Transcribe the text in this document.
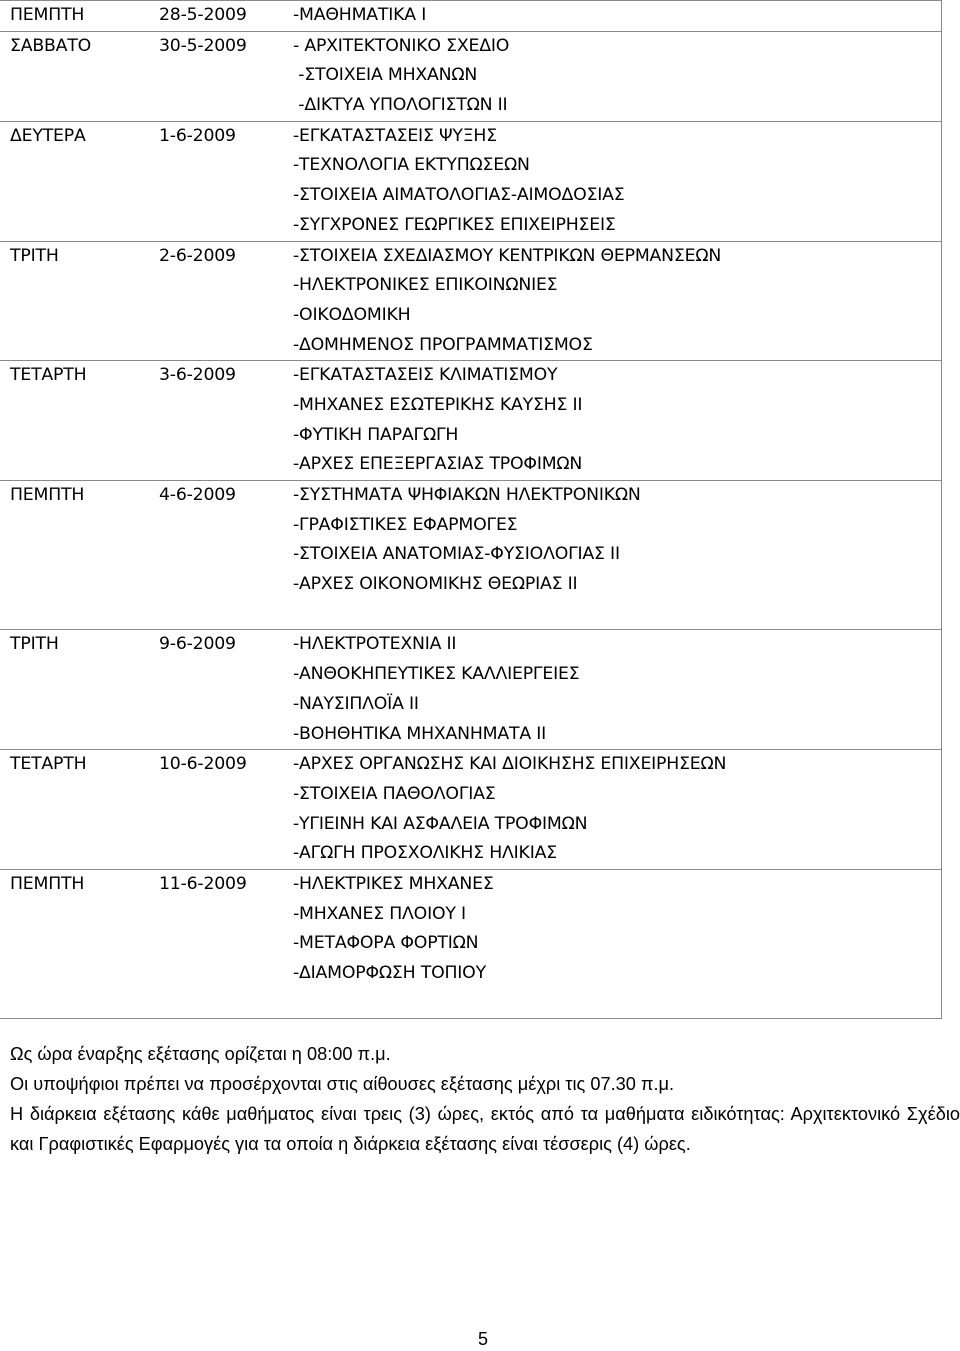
ΠΕΜΠΤΗ	28-5-2009	-ΜΑΘΗΜΑΤΙΚΑ Ι
ΣΑΒΒΑΤΟ	30-5-2009	- ΑΡΧΙΤΕΚΤΟΝΙΚΟ ΣΧΕΔΙΟ
-ΣΤΟΙΧΕΙΑ ΜΗΧΑΝΩΝ
-ΔΙΚΤΥΑ ΥΠΟΛΟΓΙΣΤΩΝ ΙΙ
ΔΕΥΤΕΡΑ	1-6-2009	-ΕΓΚΑΤΑΣΤΑΣΕΙΣ ΨΥΞΗΣ
-ΤΕΧΝΟΛΟΓΙΑ ΕΚΤΥΠΩΣΕΩΝ
-ΣΤΟΙΧΕΙΑ ΑΙΜΑΤΟΛΟΓΙΑΣ-ΑΙΜΟΔΟΣΙΑΣ
-ΣΥΓΧΡΟΝΕΣ ΓΕΩΡΓΙΚΕΣ ΕΠΙΧΕΙΡΗΣΕΙΣ
ΤΡΙΤΗ	2-6-2009	-ΣΤΟΙΧΕΙΑ ΣΧΕΔΙΑΣΜΟΥ ΚΕΝΤΡΙΚΩΝ ΘΕΡΜΑΝΣΕΩΝ
-ΗΛΕΚΤΡΟΝΙΚΕΣ ΕΠΙΚΟΙΝΩΝΙΕΣ
-ΟΙΚΟΔΟΜΙΚΗ
-ΔΟΜΗΜΕΝΟΣ ΠΡΟΓΡΑΜΜΑΤΙΣΜΟΣ
ΤΕΤΑΡΤΗ	3-6-2009	-ΕΓΚΑΤΑΣΤΑΣΕΙΣ ΚΛΙΜΑΤΙΣΜΟΥ
-ΜΗΧΑΝΕΣ ΕΣΩΤΕΡΙΚΗΣ ΚΑΥΣΗΣ ΙΙ
-ΦΥΤΙΚΗ ΠΑΡΑΓΩΓΗ
-ΑΡΧΕΣ ΕΠΕΞΕΡΓΑΣΙΑΣ ΤΡΟΦΙΜΩΝ
ΠΕΜΠΤΗ	4-6-2009	-ΣΥΣΤΗΜΑΤΑ ΨΗΦΙΑΚΩΝ ΗΛΕΚΤΡΟΝΙΚΩΝ
-ΓΡΑΦΙΣΤΙΚΕΣ ΕΦΑΡΜΟΓΕΣ
-ΣΤΟΙΧΕΙΑ ΑΝΑΤΟΜΙΑΣ-ΦΥΣΙΟΛΟΓΙΑΣ ΙΙ
-ΑΡΧΕΣ ΟΙΚΟΝΟΜΙΚΗΣ ΘΕΩΡΙΑΣ ΙΙ
ΤΡΙΤΗ	9-6-2009	-ΗΛΕΚΤΡΟΤΕΧΝΙΑ ΙΙ
-ΑΝΘΟΚΗΠΕΥΤΙΚΕΣ ΚΑΛΛΙΕΡΓΕΙΕΣ
-ΝΑΥΣΙΠΛΟΪΑ ΙΙ
-ΒΟΗΘΗΤΙΚΑ ΜΗΧΑΝΗΜΑΤΑ ΙΙ
ΤΕΤΑΡΤΗ	10-6-2009	-ΑΡΧΕΣ ΟΡΓΑΝΩΣΗΣ ΚΑΙ ΔΙΟΙΚΗΣΗΣ ΕΠΙΧΕΙΡΗΣΕΩΝ
-ΣΤΟΙΧΕΙΑ ΠΑΘΟΛΟΓΙΑΣ
-ΥΓΙΕΙΝΗ ΚΑΙ ΑΣΦΑΛΕΙΑ ΤΡΟΦΙΜΩΝ
-ΑΓΩΓΗ ΠΡΟΣΧΟΛΙΚΗΣ ΗΛΙΚΙΑΣ
ΠΕΜΠΤΗ	11-6-2009	-ΗΛΕΚΤΡΙΚΕΣ ΜΗΧΑΝΕΣ
-ΜΗΧΑΝΕΣ ΠΛΟΙΟΥ Ι
-ΜΕΤΑΦΟΡΑ ΦΟΡΤΙΩΝ
-ΔΙΑΜΟΡΦΩΣΗ ΤΟΠΙΟΥ

Ως ώρα έναρξης εξέτασης ορίζεται η 08:00 π.μ.

Οι υποψήφιοι πρέπει να προσέρχονται στις αίθουσες εξέτασης μέχρι τις 07.30 π.μ.

Η διάρκεια εξέτασης κάθε μαθήματος είναι τρεις (3) ώρες, εκτός από τα μαθήματα ειδικότητας: Αρχιτεκτονικό Σχέδιο και Γραφιστικές Εφαρμογές για τα οποία η διάρκεια εξέτασης είναι τέσσερις (4) ώρες.

5
